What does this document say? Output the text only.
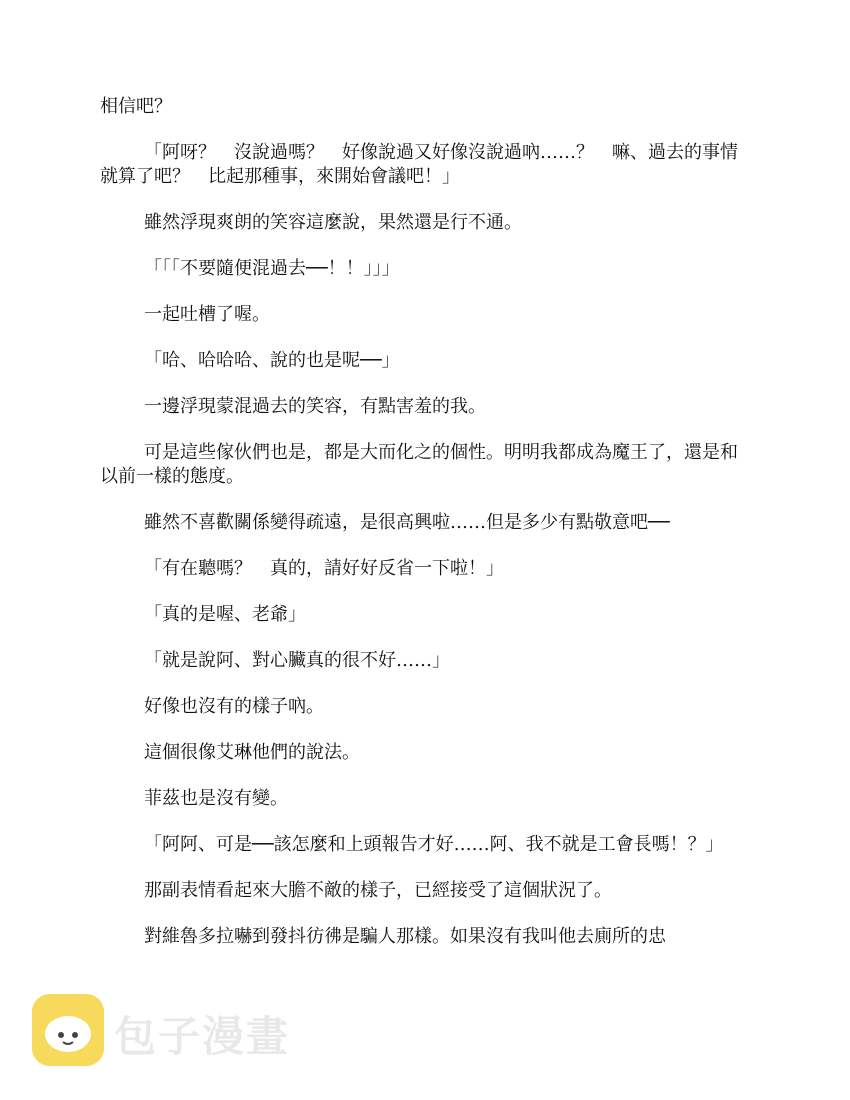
相信吧？

「阿呀？　沒說過嗎？　好像說過又好像沒說過吶……？　嘛、過去的事情就算了吧？　比起那種事，來開始會議吧！」

雖然浮現爽朗的笑容這麼說，果然還是行不通。

「「「不要隨便混過去──！！」」」

一起吐槽了喔。

「哈、哈哈哈、說的也是呢──」

一邊浮現蒙混過去的笑容，有點害羞的我。

可是這些傢伙們也是，都是大而化之的個性。明明我都成為魔王了，還是和以前一樣的態度。

雖然不喜歡關係變得疏遠，是很高興啦……但是多少有點敬意吧──

「有在聽嗎？　真的，請好好反省一下啦！」

「真的是喔、老爺」

「就是說阿、對心臟真的很不好……」

好像也沒有的樣子吶。

這個很像艾琳他們的說法。

菲茲也是沒有變。

「阿阿、可是──該怎麼和上頭報告才好……阿、我不就是工會長嗎！？」

那副表情看起來大膽不敵的樣子，已經接受了這個狀況了。

對維魯多拉嚇到發抖彷彿是騙人那樣。如果沒有我叫他去廁所的忠

包子漫畫
